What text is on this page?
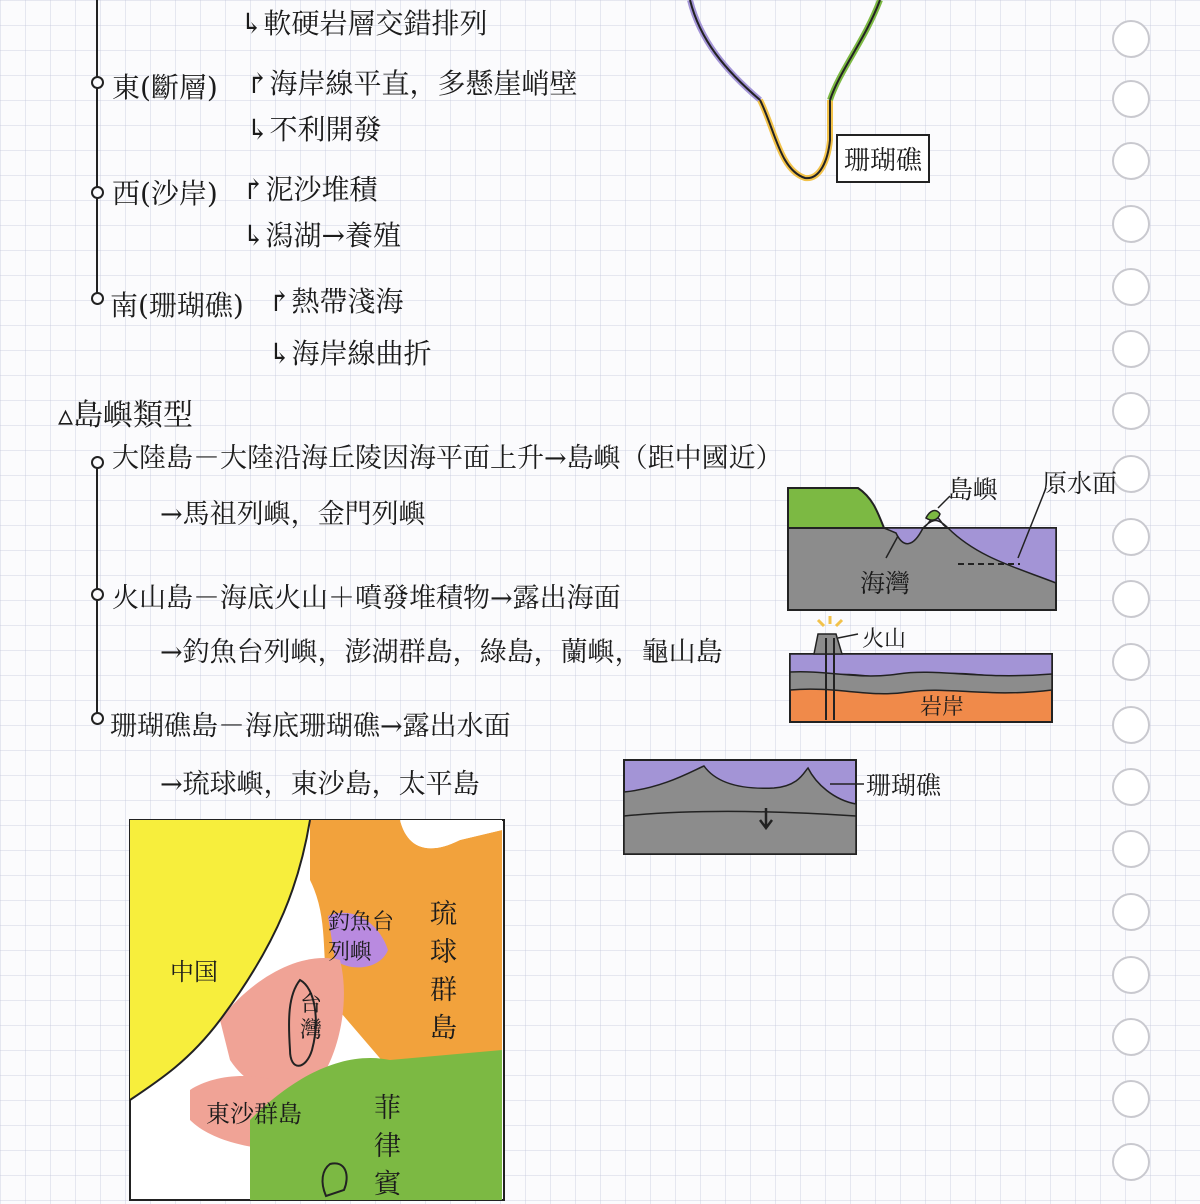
↳軟硬岩層交錯排列
東(斷層) ↱海岸線平直，多懸崖峭壁
↳不利開發
西(沙岸) ↱泥沙堆積
↳潟湖→養殖
南(珊瑚礁) ↱熱帶淺海
↳海岸線曲折
珊瑚礁
▵島嶼類型
大陸島－大陸沿海丘陵因海平面上升→島嶼（距中國近）
→馬祖列嶼，金門列嶼
火山島－海底火山＋噴發堆積物→露出海面
→釣魚台列嶼，澎湖群島，綠島，蘭嶼，龜山島
珊瑚礁島－海底珊瑚礁→露出水面
→琉球嶼，東沙島，太平島
島嶼 原水面
海灣
火山
岩岸
珊瑚礁
中国
釣魚台
列嶼
琉
球
群
島
台
灣
東沙群島	菲
律
賓
